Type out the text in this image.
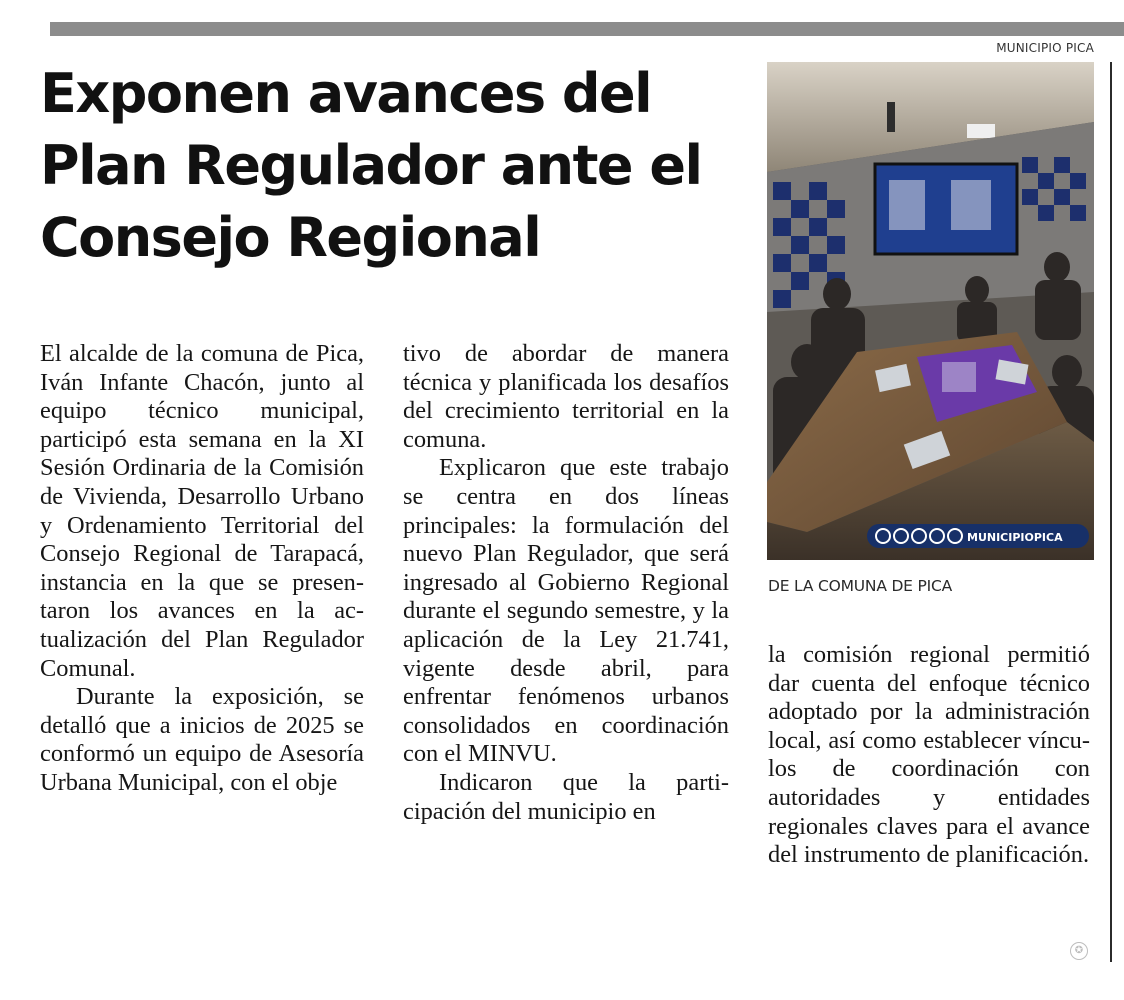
MUNICIPIO PICA
Exponen avances del Plan Regulador ante el Consejo Regional

El alcalde de la comuna de Pica, Iván Infante Chacón, junto al equipo técnico municipal, participó esta semana en la XI Sesión Ordinaria de la Comisión de Vivienda, Desarrollo Urbano y Ordenamiento Territorial del Consejo Regional de Tarapacá, instancia en la que se presentaron los avances en la actualización del Plan Regulador Comunal.

Durante la exposición, se detalló que a inicios de 2025 se conformó un equipo de Asesoría Urbana Municipal, con el obje

tivo de abordar de manera técnica y planificada los desafíos del crecimiento territorial en la comuna.

Explicaron que este trabajo se centra en dos líneas principales: la formulación del nuevo Plan Regulador, que será ingresado al Gobierno Regional durante el segundo semestre, y la aplicación de la Ley 21.741, vigente desde abril, para enfrentar fenómenos urbanos consolidados en coordinación con el MINVU.

Indicaron que la participación del municipio en

la comisión regional permitió dar cuenta del enfoque técnico adoptado por la administración local, así como establecer vínculos de coordinación con autoridades y entidades regionales claves para el avance del instrumento de planificación.

MUNICIPIOPICA
DE LA COMUNA DE PICA
✪
